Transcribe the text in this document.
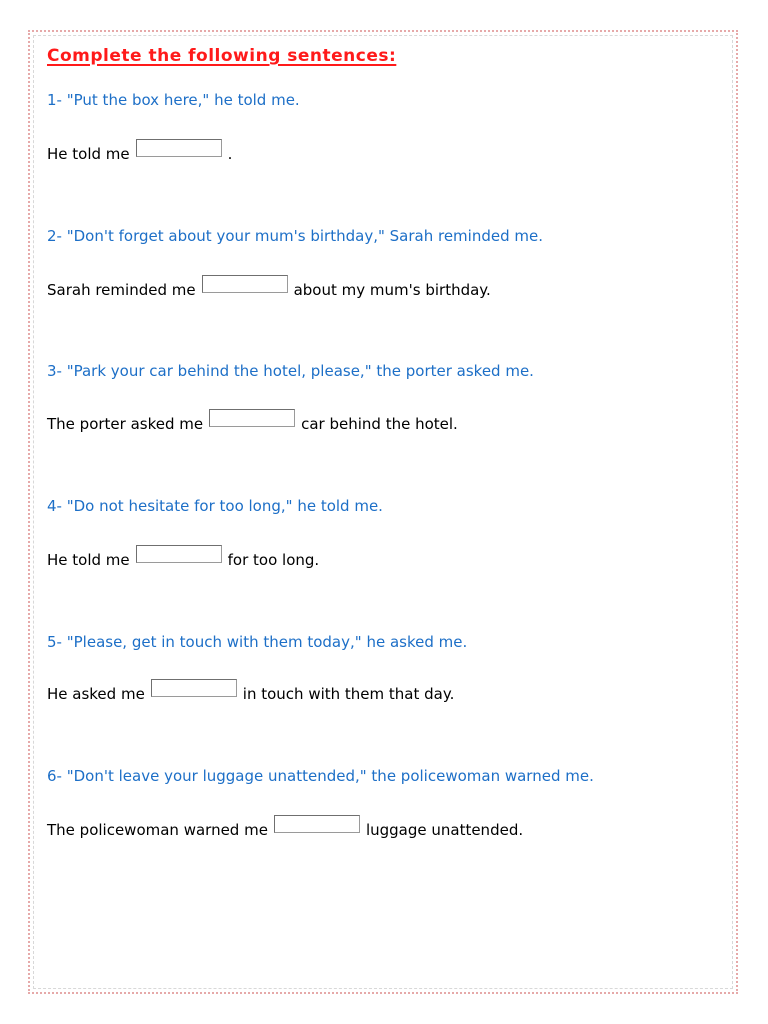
Complete the following sentences:

1- "Put the box here," he told me.

He told me	.

2- "Don't forget about your mum's birthday," Sarah reminded me.

Sarah reminded me	about my mum's birthday.

3- "Park your car behind the hotel, please," the porter asked me.

The porter asked me	car behind the hotel.

4- "Do not hesitate for too long," he told me.

He told me	for too long.

5- "Please, get in touch with them today," he asked me.

He asked me	in touch with them that day.

6- "Don't leave your luggage unattended," the policewoman warned me.

The policewoman warned me	luggage unattended.
